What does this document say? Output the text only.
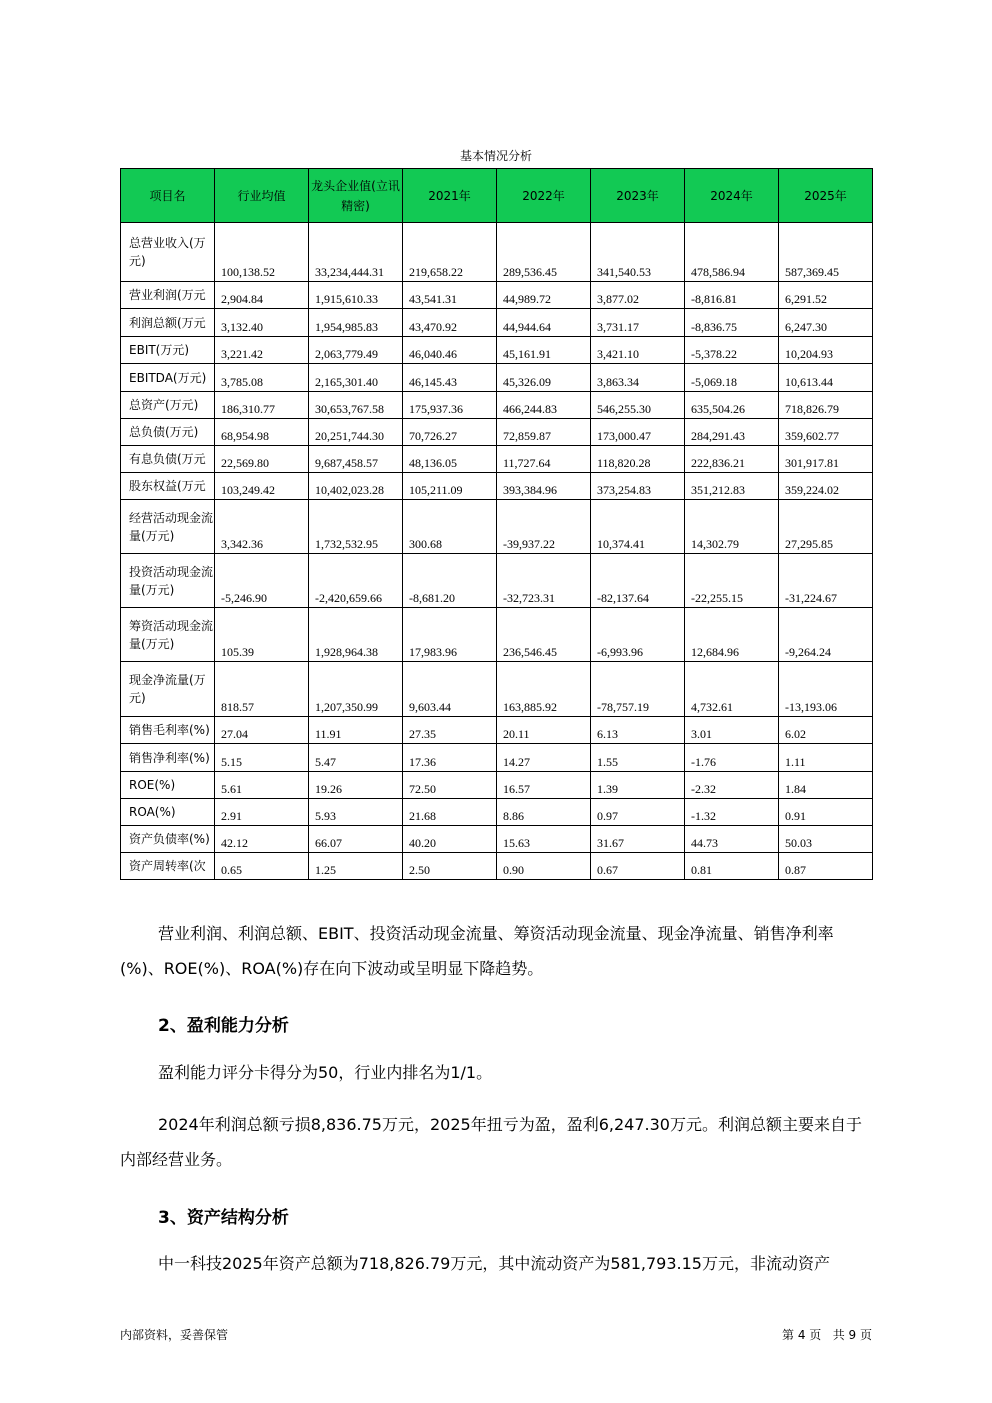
基本情况分析
项目名	行业均值	龙头企业值(立讯精密)	2021年	2022年	2023年	2024年	2025年
总营业收入(万元)	100,138.52	33,234,444.31	219,658.22	289,536.45	341,540.53	478,586.94	587,369.45
营业利润(万元	2,904.84	1,915,610.33	43,541.31	44,989.72	3,877.02	-8,816.81	6,291.52
利润总额(万元	3,132.40	1,954,985.83	43,470.92	44,944.64	3,731.17	-8,836.75	6,247.30
EBIT(万元)	3,221.42	2,063,779.49	46,040.46	45,161.91	3,421.10	-5,378.22	10,204.93
EBITDA(万元)	3,785.08	2,165,301.40	46,145.43	45,326.09	3,863.34	-5,069.18	10,613.44
总资产(万元)	186,310.77	30,653,767.58	175,937.36	466,244.83	546,255.30	635,504.26	718,826.79
总负债(万元)	68,954.98	20,251,744.30	70,726.27	72,859.87	173,000.47	284,291.43	359,602.77
有息负债(万元	22,569.80	9,687,458.57	48,136.05	11,727.64	118,820.28	222,836.21	301,917.81
股东权益(万元	103,249.42	10,402,023.28	105,211.09	393,384.96	373,254.83	351,212.83	359,224.02
经营活动现金流量(万元)	3,342.36	1,732,532.95	300.68	-39,937.22	10,374.41	14,302.79	27,295.85
投资活动现金流量(万元)	-5,246.90	-2,420,659.66	-8,681.20	-32,723.31	-82,137.64	-22,255.15	-31,224.67
筹资活动现金流量(万元)	105.39	1,928,964.38	17,983.96	236,546.45	-6,993.96	12,684.96	-9,264.24
现金净流量(万元)	818.57	1,207,350.99	9,603.44	163,885.92	-78,757.19	4,732.61	-13,193.06
销售毛利率(%)	27.04	11.91	27.35	20.11	6.13	3.01	6.02
销售净利率(%)	5.15	5.47	17.36	14.27	1.55	-1.76	1.11
ROE(%)	5.61	19.26	72.50	16.57	1.39	-2.32	1.84
ROA(%)	2.91	5.93	21.68	8.86	0.97	-1.32	0.91
资产负债率(%)	42.12	66.07	40.20	15.63	31.67	44.73	50.03
资产周转率(次	0.65	1.25	2.50	0.90	0.67	0.81	0.87
营业利润、利润总额、EBIT、投资活动现金流量、筹资活动现金流量、现金净流量、销售净利率(%)、ROE(%)、ROA(%)存在向下波动或呈明显下降趋势。
2、盈利能力分析
盈利能力评分卡得分为50，行业内排名为1/1。
2024年利润总额亏损8,836.75万元，2025年扭亏为盈，盈利6,247.30万元。利润总额主要来自于内部经营业务。
3、资产结构分析
中一科技2025年资产总额为718,826.79万元，其中流动资产为581,793.15万元，非流动资产
内部资料，妥善保管	第 4 页   共 9 页
